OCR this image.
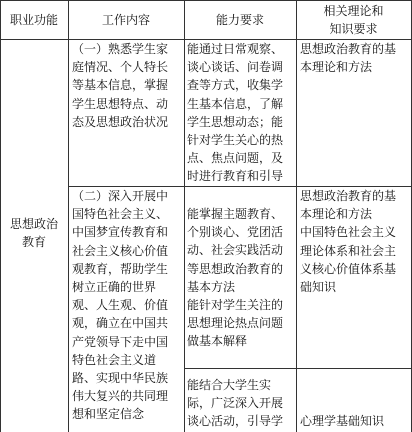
职业功能	工作内容	能力要求
相关理论和
知识要求
思想政治
教育
（一）熟悉学生家
庭情况、个人特长
等基本信息，掌握
学生思想特点、动
态及思想政治状况
能通过日常观察、
谈心谈话、问卷调
查等方式，收集学
生基本信息，了解
学生思想动态；能
针对学生关心的热
点、焦点问题，及
时进行教育和引导
思想政治教育的基
本理论和方法
（二）深入开展中
国特色社会主义、
中国梦宣传教育和
社会主义核心价值
观教育，帮助学生
树立正确的世界
观、人生观、价值
观，确立在中国共
产党领导下走中国
特色社会主义道
路、实现中华民族
伟大复兴的共同理
想和坚定信念
能掌握主题教育、
个别谈心、党团活
动、社会实践活动
等思想政治教育的
基本方法
能针对学生关注的
思想理论热点问题
做基本解释
能结合大学生实
际，广泛深入开展
谈心活动，引导学
思想政治教育的基
本理论和方法
中国特色社会主义
理论体系和社会主
义核心价值体系基
础知识
心理学基础知识
